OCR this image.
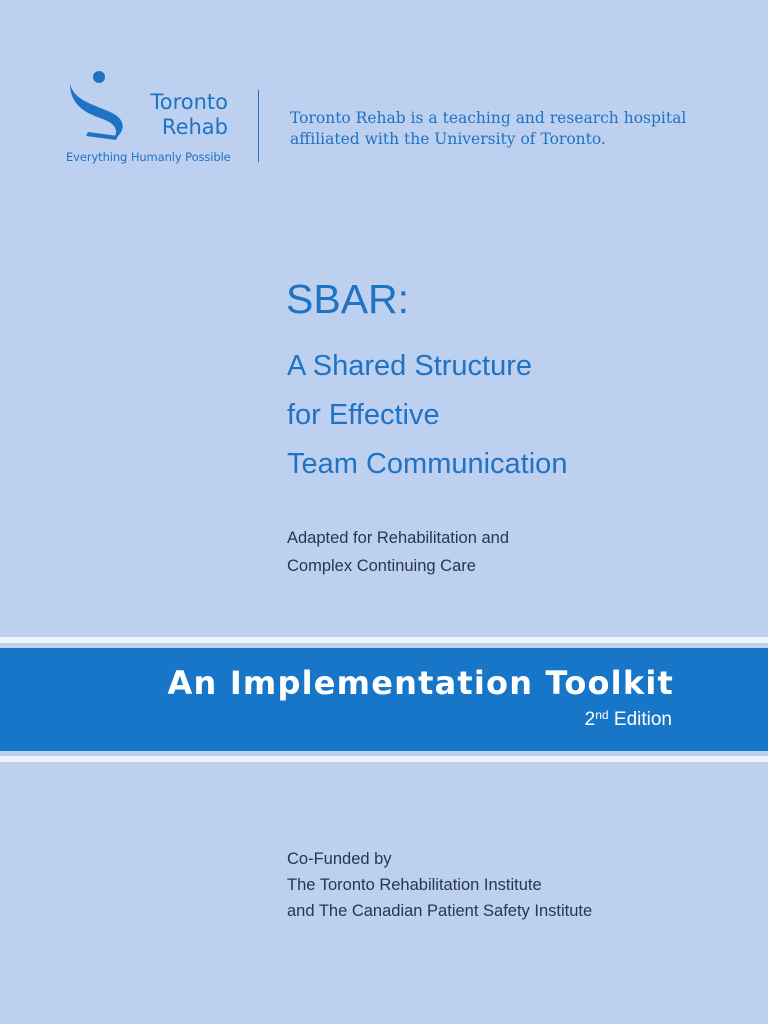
Toronto
Rehab
Everything Humanly Possible
Toronto Rehab is a teaching and research hospital
affiliated with the University of Toronto.
SBAR:
A Shared Structure
for Effective
Team Communication
Adapted for Rehabilitation and
Complex Continuing Care
An Implementation Toolkit
2nd Edition
Co-Funded by
The Toronto Rehabilitation Institute
and The Canadian Patient Safety Institute
